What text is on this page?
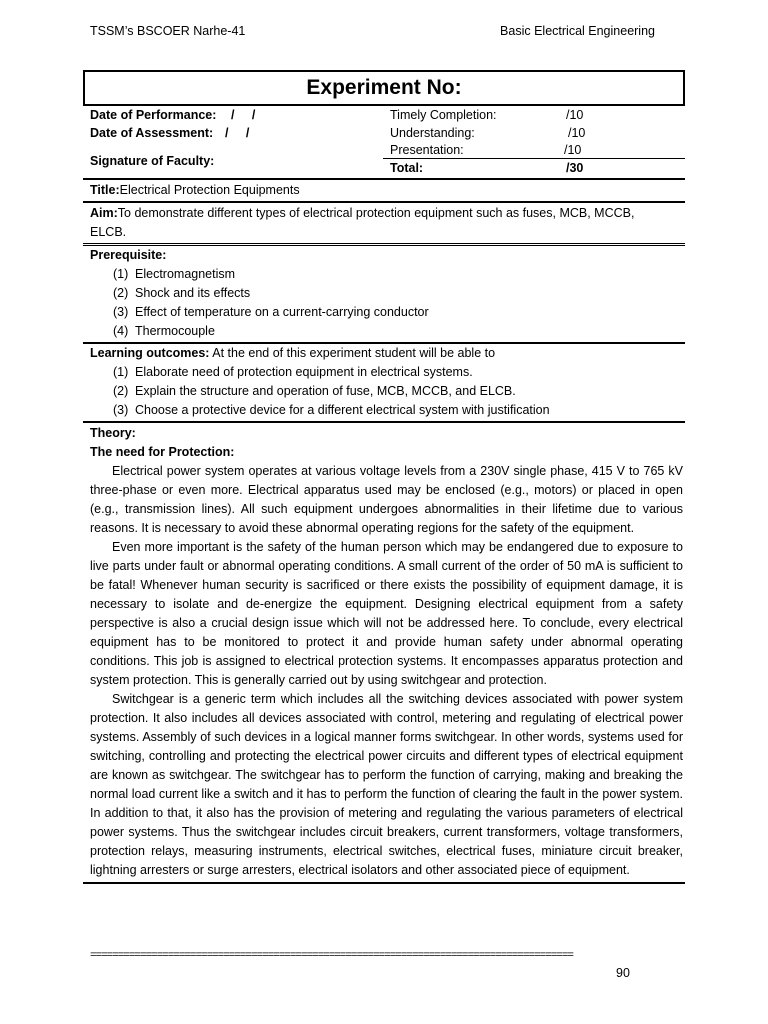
TSSM’s BSCOER Narhe-41	Basic Electrical Engineering
Experiment No:
Date of Performance: /     /
Date of Assessment: /     /
Signature of Faculty:
Timely Completion:	/10
Understanding:	/10
Presentation:	/10
Total:	/30
Title:Electrical Protection Equipments
Aim:To demonstrate different types of electrical protection equipment such as fuses, MCB, MCCB, ELCB.
Prerequisite:
(1) Electromagnetism
(2) Shock and its effects
(3) Effect of temperature on a current-carrying conductor
(4) Thermocouple
Learning outcomes: At the end of this experiment student will be able to
(1) Elaborate need of protection equipment in electrical systems.
(2) Explain the structure and operation of fuse, MCB, MCCB, and ELCB.
(3) Choose a protective device for a different electrical system with justification
Theory:
The need for Protection:

Electrical power system operates at various voltage levels from a 230V single phase, 415 V to 765 kV three-phase or even more. Electrical apparatus used may be enclosed (e.g., motors) or placed in open (e.g., transmission lines). All such equipment undergoes abnormalities in their lifetime due to various reasons. It is necessary to avoid these abnormal operating regions for the safety of the equipment.

Even more important is the safety of the human person which may be endangered due to exposure to live parts under fault or abnormal operating conditions. A small current of the order of 50 mA is sufficient to be fatal! Whenever human security is sacrificed or there exists the possibility of equipment damage, it is necessary to isolate and de-energize the equipment. Designing electrical equipment from a safety perspective is also a crucial design issue which will not be addressed here. To conclude, every electrical equipment has to be monitored to protect it and provide human safety under abnormal operating conditions. This job is assigned to electrical protection systems. It encompasses apparatus protection and system protection. This is generally carried out by using switchgear and protection.

Switchgear is a generic term which includes all the switching devices associated with power system protection. It also includes all devices associated with control, metering and regulating of electrical power systems. Assembly of such devices in a logical manner forms switchgear. In other words, systems used for switching, controlling and protecting the electrical power circuits and different types of electrical equipment are known as switchgear. The switchgear has to perform the function of carrying, making and breaking the normal load current like a switch and it has to perform the function of clearing the fault in the power system. In addition to that, it also has the provision of metering and regulating the various parameters of electrical power systems. Thus the switchgear includes circuit breakers, current transformers, voltage transformers, protection relays, measuring instruments, electrical switches, electrical fuses, miniature circuit breaker, lightning arresters or surge arresters, electrical isolators and other associated piece of equipment.

=======================================================================================
90
